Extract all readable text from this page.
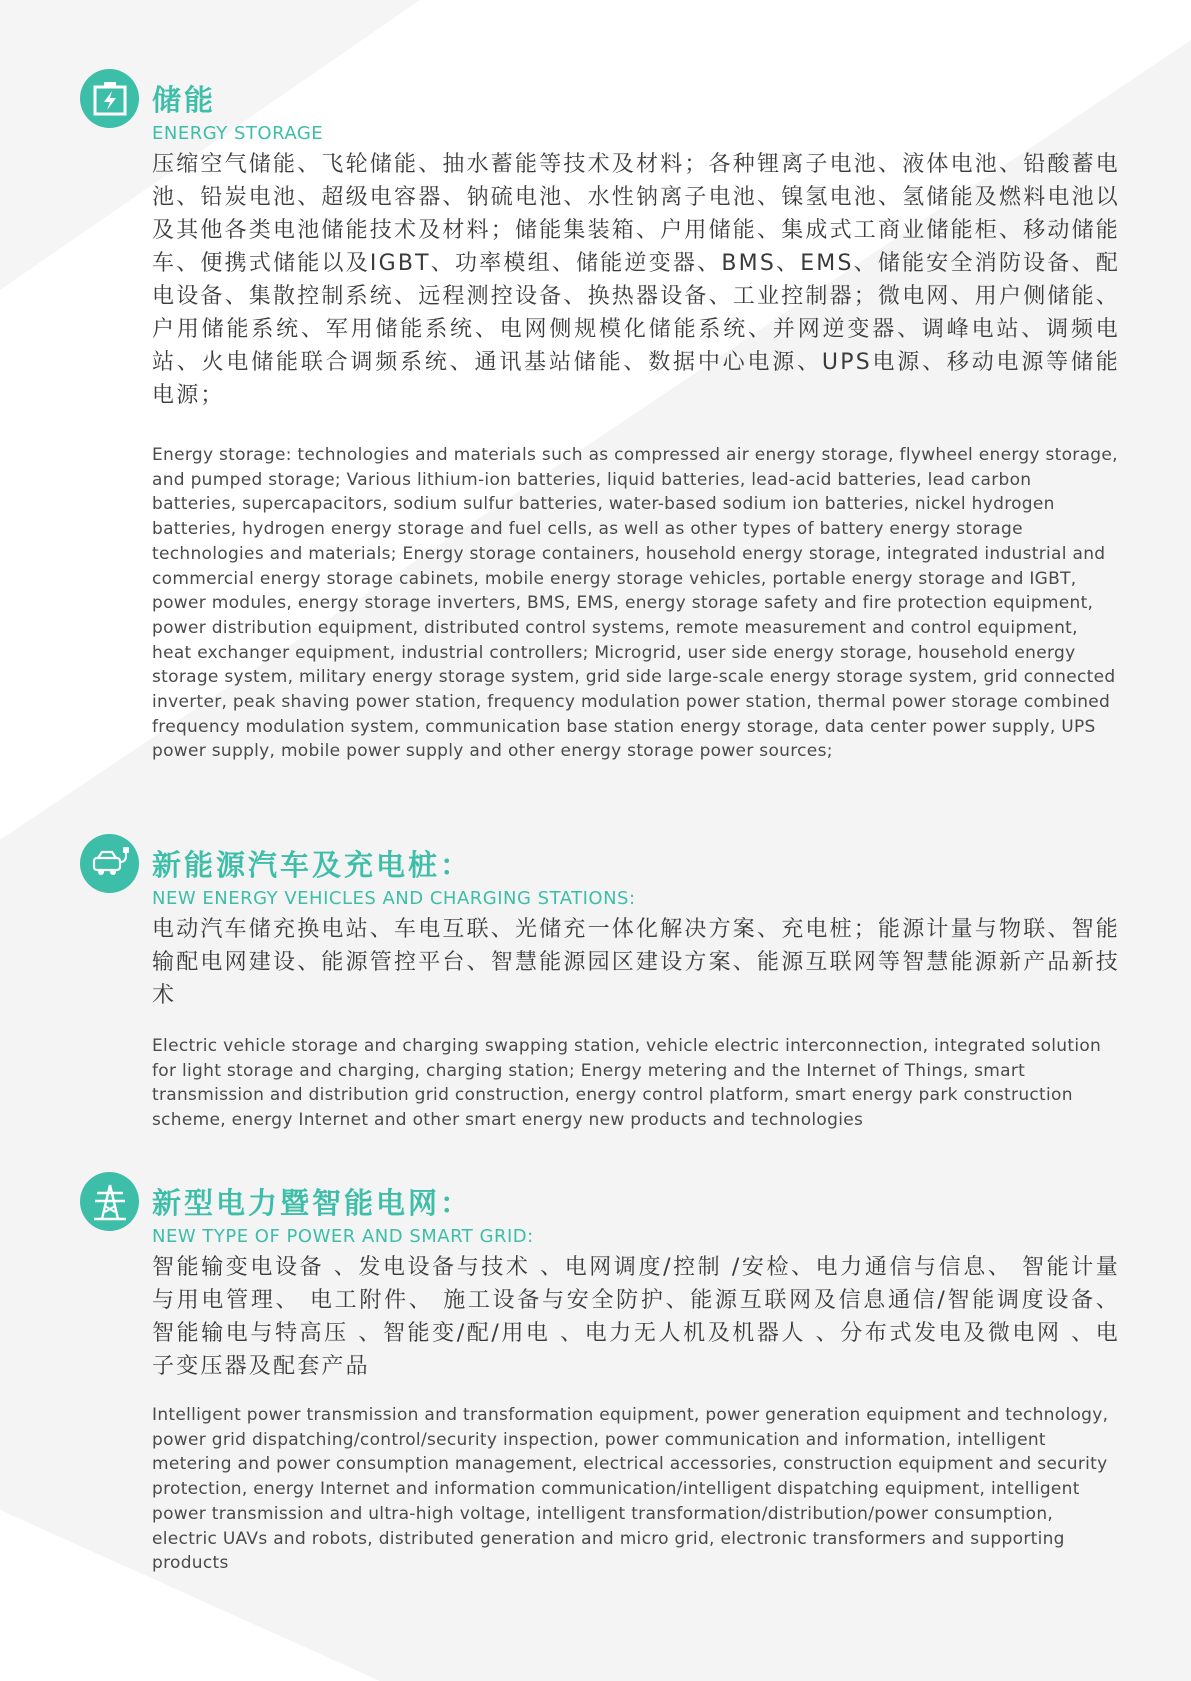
储能
ENERGY STORAGE

压缩空气储能、飞轮储能、抽水蓄能等技术及材料；各种锂离子电池、液体电池、铅酸蓄电池、铅炭电池、超级电容器、钠硫电池、水性钠离子电池、镍氢电池、氢储能及燃料电池以及其他各类电池储能技术及材料；储能集装箱、户用储能、集成式工商业储能柜、移动储能车、便携式储能以及IGBT、功率模组、储能逆变器、BMS、EMS、储能安全消防设备、配电设备、集散控制系统、远程测控设备、换热器设备、工业控制器；微电网、用户侧储能、户用储能系统、军用储能系统、电网侧规模化储能系统、并网逆变器、调峰电站、调频电站、火电储能联合调频系统、通讯基站储能、数据中心电源、UPS电源、移动电源等储能电源；

Energy storage: technologies and materials such as compressed air energy storage, flywheel energy storage, and pumped storage; Various lithium-ion batteries, liquid batteries, lead-acid batteries, lead carbon batteries, supercapacitors, sodium sulfur batteries, water-based sodium ion batteries, nickel hydrogen batteries, hydrogen energy storage and fuel cells, as well as other types of battery energy storage technologies and materials; Energy storage containers, household energy storage, integrated industrial and commercial energy storage cabinets, mobile energy storage vehicles, portable energy storage and IGBT, power modules, energy storage inverters, BMS, EMS, energy storage safety and fire protection equipment, power distribution equipment, distributed control systems, remote measurement and control equipment, heat exchanger equipment, industrial controllers; Microgrid, user side energy storage, household energy storage system, military energy storage system, grid side large-scale energy storage system, grid connected inverter, peak shaving power station, frequency modulation power station, thermal power storage combined frequency modulation system, communication base station energy storage, data center power supply, UPS power supply, mobile power supply and other energy storage power sources;

新能源汽车及充电桩：
NEW ENERGY VEHICLES AND CHARGING STATIONS:

电动汽车储充换电站、车电互联、光储充一体化解决方案、充电桩；能源计量与物联、智能输配电网建设、能源管控平台、智慧能源园区建设方案、能源互联网等智慧能源新产品新技术

Electric vehicle storage and charging swapping station, vehicle electric interconnection, integrated solution for light storage and charging, charging station; Energy metering and the Internet of Things, smart transmission and distribution grid construction, energy control platform, smart energy park construction scheme, energy Internet and other smart energy new products and technologies

新型电力暨智能电网：
NEW TYPE OF POWER AND SMART GRID:

智能输变电设备 、发电设备与技术 、电网调度/控制 /安检、电力通信与信息、 智能计量与用电管理、 电工附件、 施工设备与安全防护、能源互联网及信息通信/智能调度设备、 智能输电与特高压 、智能变/配/用电 、电力无人机及机器人 、分布式发电及微电网 、电子变压器及配套产品

Intelligent power transmission and transformation equipment, power generation equipment and technology, power grid dispatching/control/security inspection, power communication and information, intelligent metering and power consumption management, electrical accessories, construction equipment and security protection, energy Internet and information communication/intelligent dispatching equipment, intelligent power transmission and ultra-high voltage, intelligent transformation/distribution/power consumption, electric UAVs and robots, distributed generation and micro grid, electronic transformers and supporting products
